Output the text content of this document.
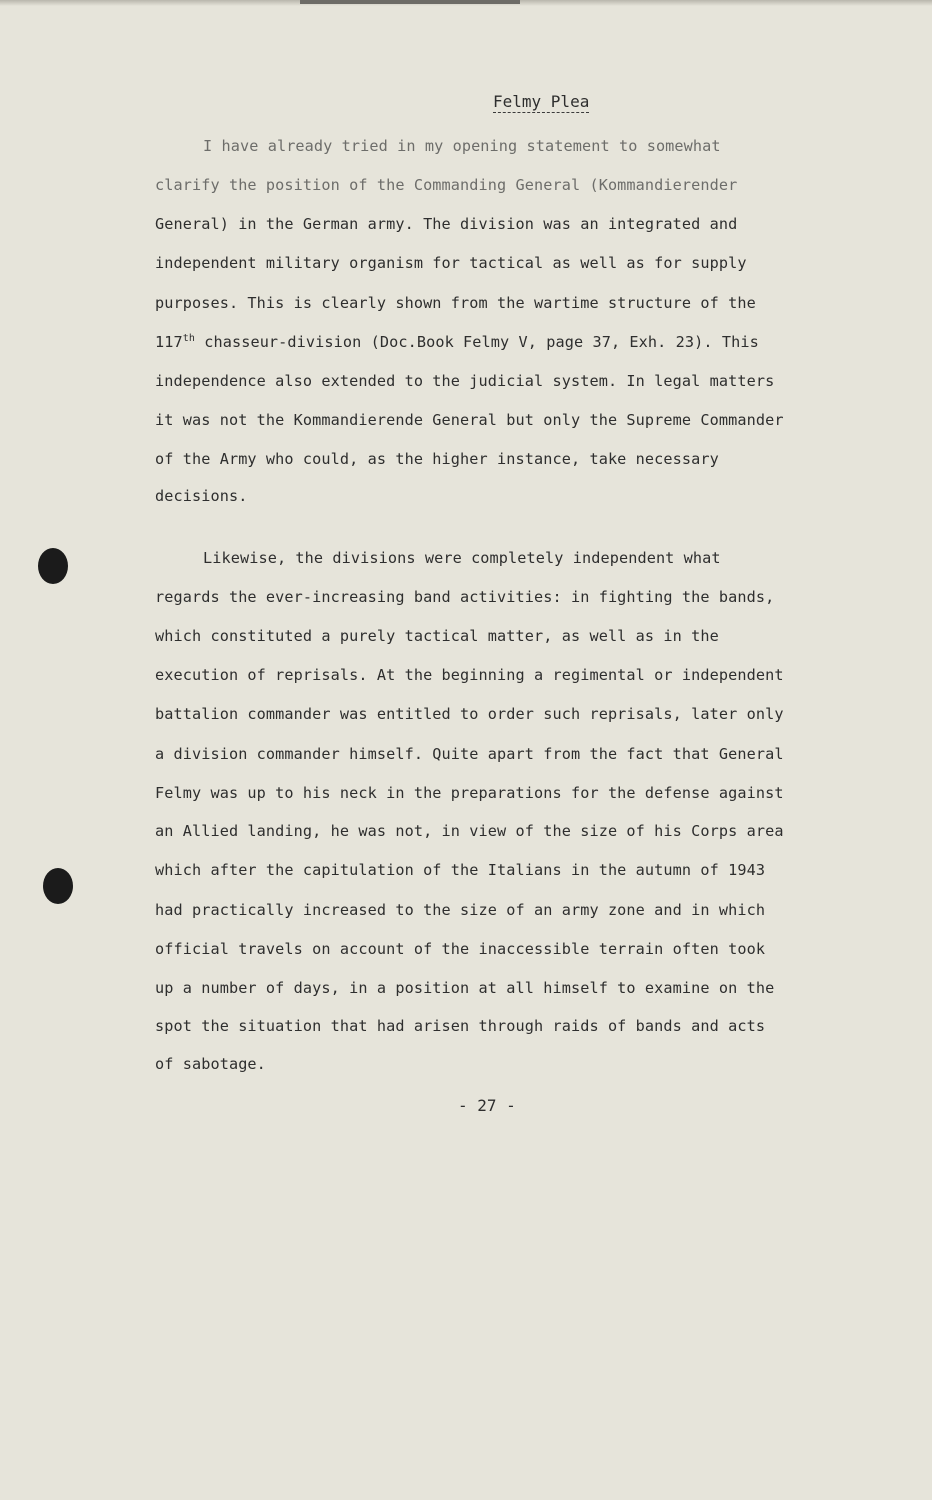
Felmy Plea
I have already tried in my opening statement to somewhat
clarify the position of the Commanding General (Kommandierender
General) in the German army. The division was an integrated and
independent military organism for tactical as well as for supply
purposes. This is clearly shown from the wartime structure of the
117th chasseur-division (Doc.Book Felmy V, page 37, Exh. 23). This
independence also extended to the judicial system. In legal matters
it was not the Kommandierende General but only the Supreme Commander
of the Army who could, as the higher instance, take necessary
decisions.
Likewise, the divisions were completely independent what
regards the ever-increasing band activities: in fighting the bands,
which constituted a purely tactical matter, as well as in the
execution of reprisals. At the beginning a regimental or independent
battalion commander was entitled to order such reprisals, later only
a division commander himself. Quite apart from the fact that General
Felmy was up to his neck in the preparations for the defense against
an Allied landing, he was not, in view of the size of his Corps area
which after the capitulation of the Italians in the autumn of 1943
had practically increased to the size of an army zone and in which
official travels on account of the inaccessible terrain often took
up a number of days, in a position at all himself to examine on the
spot the situation that had arisen through raids of bands and acts
of sabotage.
- 27 -
